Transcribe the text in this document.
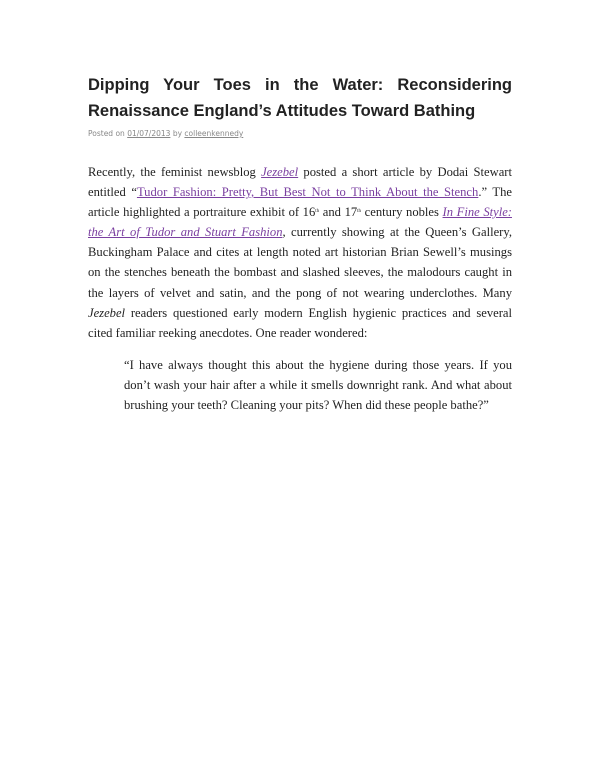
Dipping Your Toes in the Water: Reconsidering Renaissance England’s Attitudes Toward Bathing
Posted on 01/07/2013 by colleenkennedy

Recently, the feminist newsblog Jezebel posted a short article by Dodai Stewart entitled “Tudor Fashion: Pretty, But Best Not to Think About the Stench.” The article highlighted a portraiture exhibit of 16th and 17th century nobles In Fine Style: the Art of Tudor and Stuart Fashion, currently showing at the Queen’s Gallery, Buckingham Palace and cites at length noted art historian Brian Sewell’s musings on the stenches beneath the bombast and slashed sleeves, the malodours caught in the layers of velvet and satin, and the pong of not wearing underclothes. Many Jezebel readers questioned early modern English hygienic practices and several cited familiar reeking anecdotes. One reader wondered:

“I have always thought this about the hygiene during those years. If you don’t wash your hair after a while it smells downright rank. And what about brushing your teeth? Cleaning your pits? When did these people bathe?”
